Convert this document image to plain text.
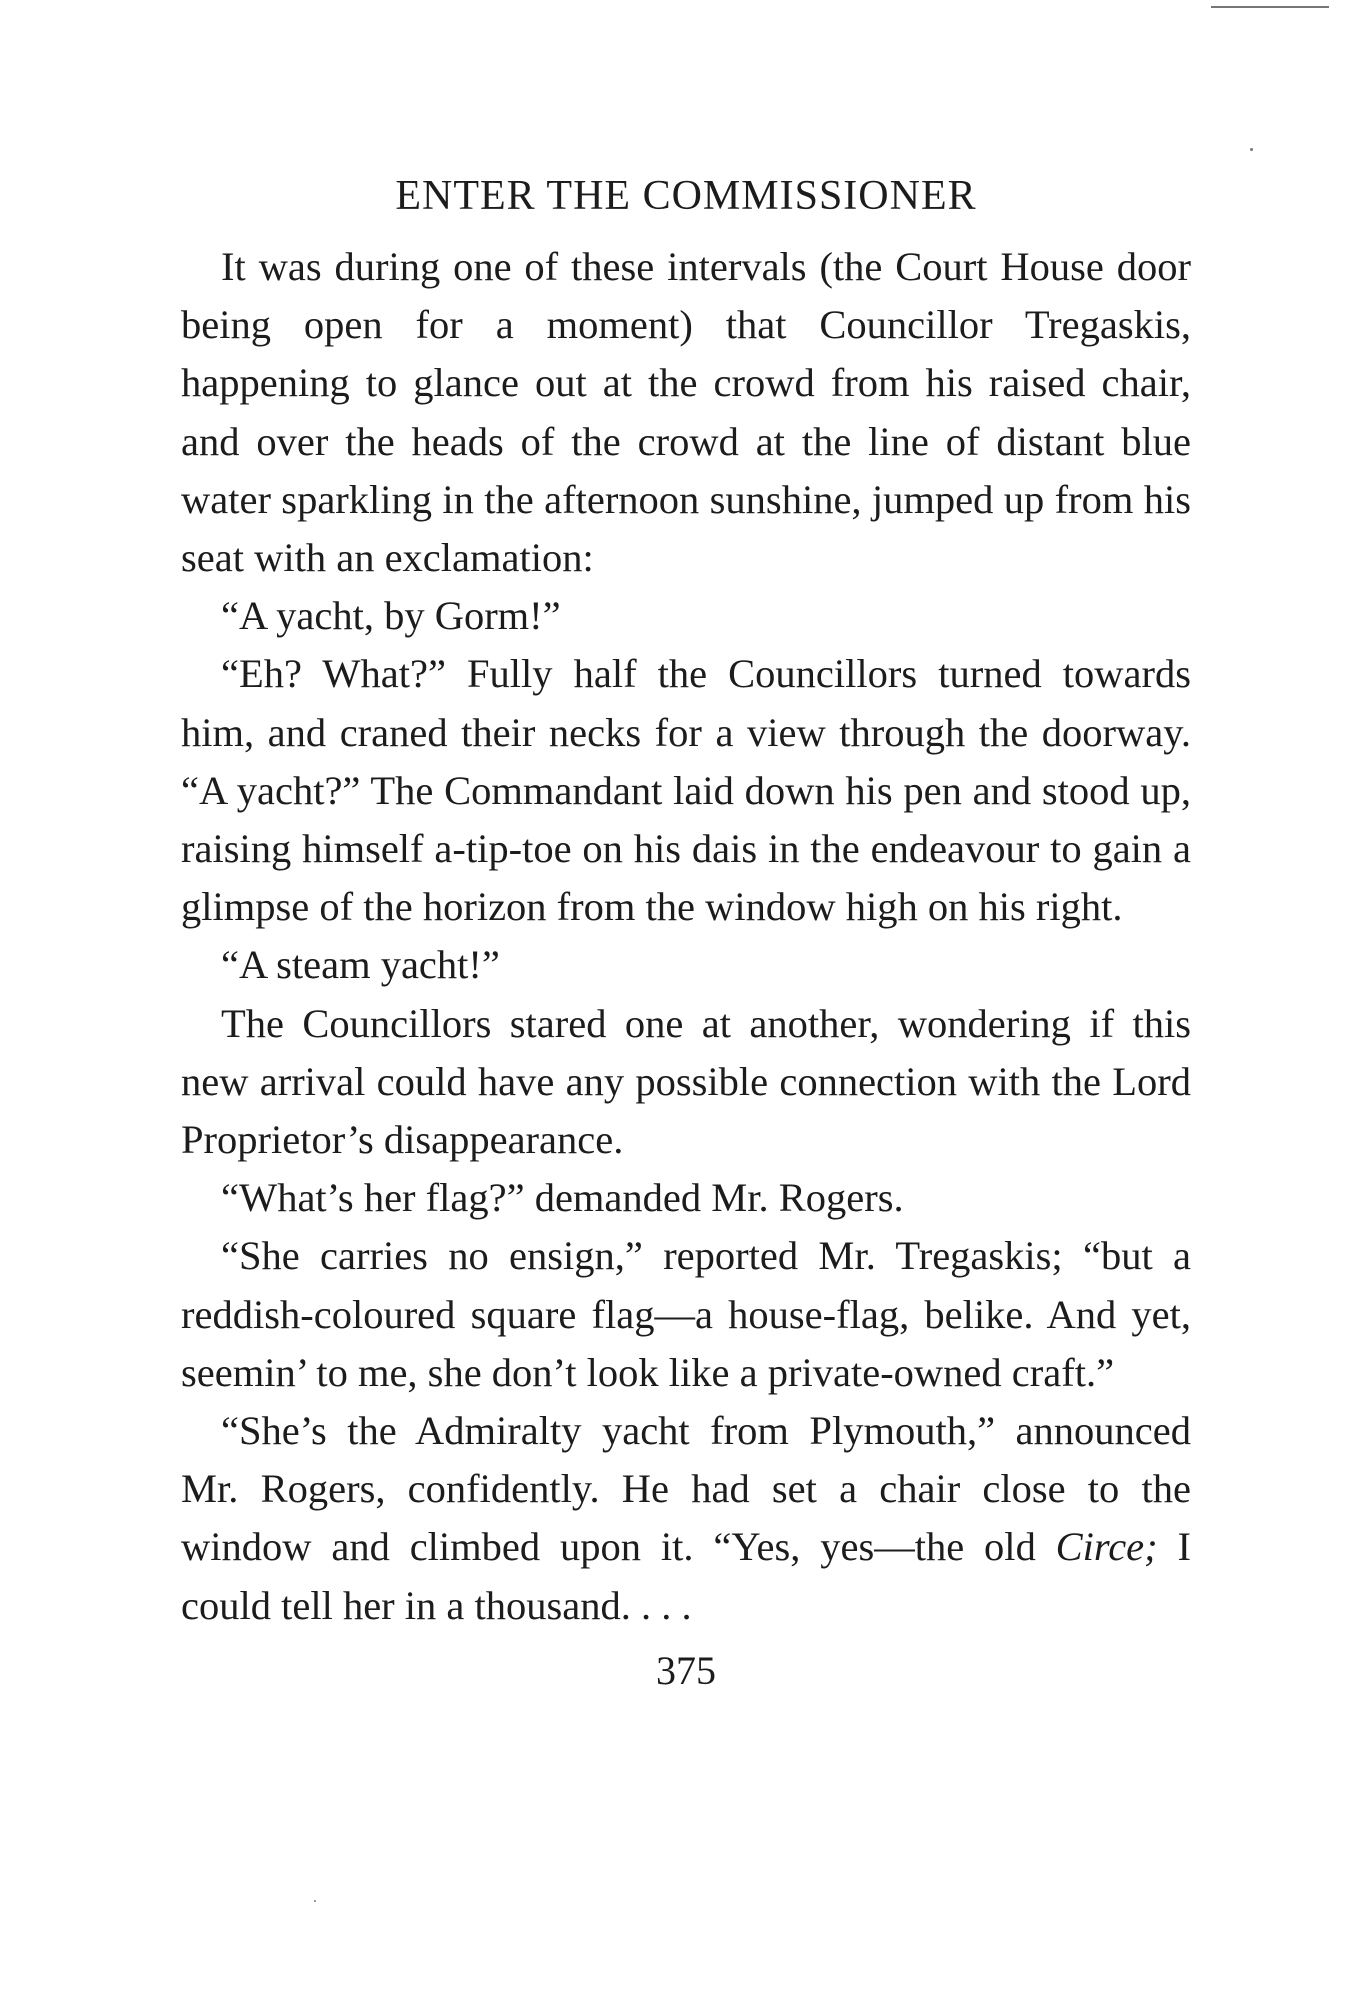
ENTER THE COMMISSIONER

It was during one of these intervals (the Court House door being open for a moment) that Councillor Tregaskis, happening to glance out at the crowd from his raised chair, and over the heads of the crowd at the line of distant blue water sparkling in the afternoon sunshine, jumped up from his seat with an exclamation:

“A yacht, by Gorm!”

“Eh? What?” Fully half the Councillors turned towards him, and craned their necks for a view through the doorway. “A yacht?” The Commandant laid down his pen and stood up, raising himself a-tip-toe on his dais in the endeavour to gain a glimpse of the horizon from the window high on his right.

“A steam yacht!”

The Councillors stared one at another, wondering if this new arrival could have any possible connection with the Lord Proprietor’s disappearance.

“What’s her flag?” demanded Mr. Rogers.

“She carries no ensign,” reported Mr. Tregaskis; “but a reddish-coloured square flag—a house-flag, belike. And yet, seemin’ to me, she don’t look like a private-owned craft.”

“She’s the Admiralty yacht from Plymouth,” announced Mr. Rogers, confidently. He had set a chair close to the window and climbed upon it. “Yes, yes—the old Circe; I could tell her in a thousand. . . .

375
